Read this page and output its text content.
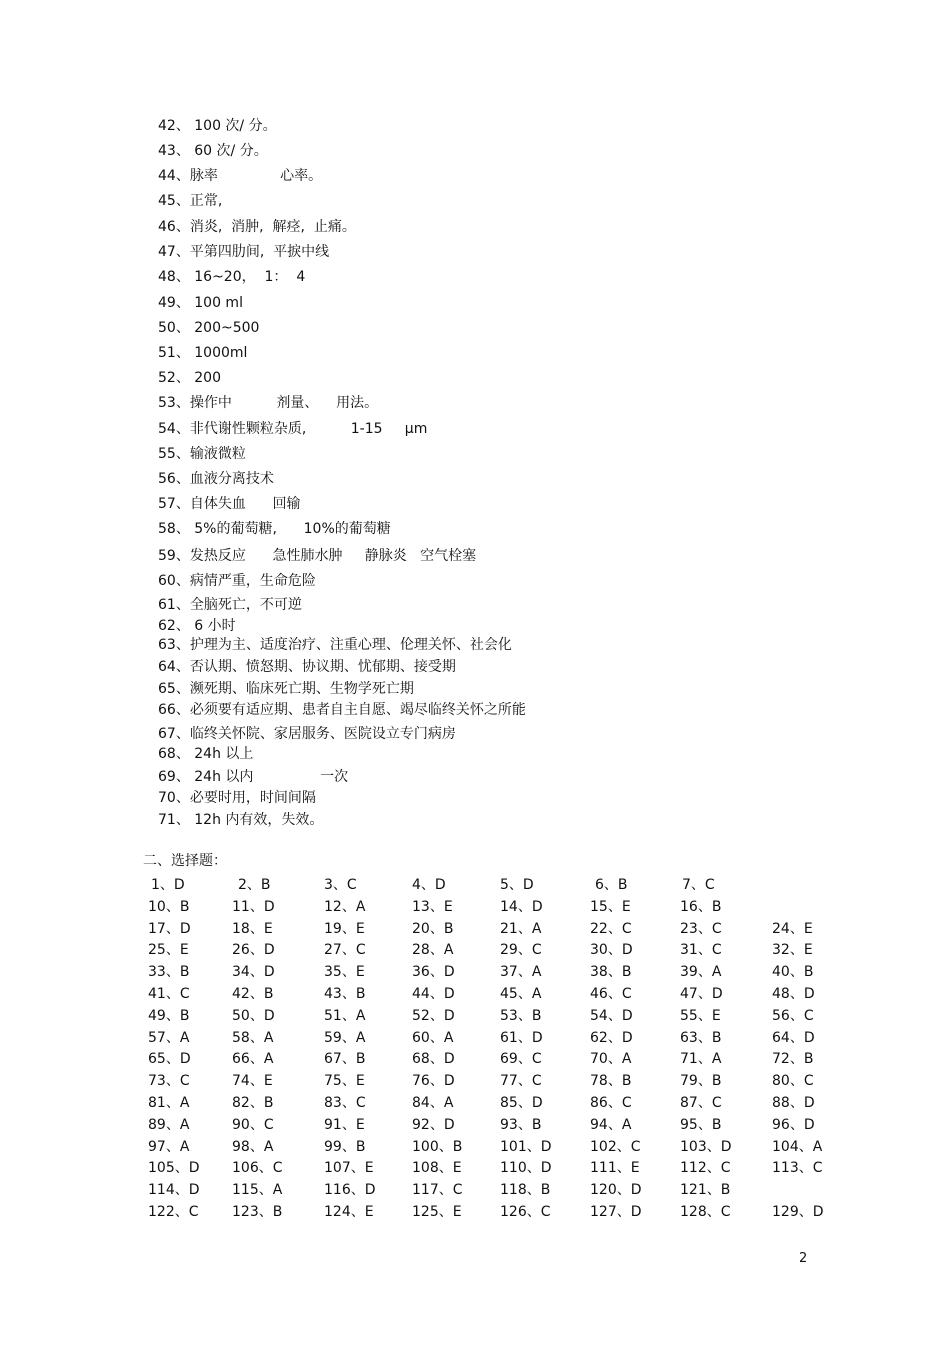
42、 100 次/ 分。
43、 60 次/ 分。
44、脉率              心率。
45、正常,
46、消炎,  消肿,  解痉,  止痛。
47、平第四肋间,  平捩中线
48、 16~20，  1：  4
49、 100 ml
50、 200~500
51、 1000ml
52、 200
53、操作中          剂量、    用法。
54、非代谢性颗粒杂质,          1-15     μm
55、输液微粒
56、血液分离技术
57、自体失血      回输
58、 5%的葡萄糖,      10%的葡萄糖
59、发热反应      急性肺水肿     静脉炎   空气栓塞
60、病情严重，生命危险
61、全脑死亡，不可逆
62、 6 小时
63、护理为主、适度治疗、注重心理、伦理关怀、社会化
64、否认期、愤怒期、协议期、忧郁期、接受期
65、濒死期、临床死亡期、生物学死亡期
66、必须要有适应期、患者自主自愿、竭尽临终关怀之所能
67、临终关怀院、家居服务、医院设立专门病房
68、 24h 以上
69、 24h 以内               一次
70、必要时用，时间间隔
71、 12h 内有效，失效。
二、选择题：
1、D	2、B	3、C	4、D	5、D	6、B	7、C
10、B	11、D	12、A	13、E	14、D	15、E	16、B
17、D	18、E	19、E	20、B	21、A	22、C	23、C	24、E
25、E	26、D	27、C	28、A	29、C	30、D	31、C	32、E
33、B	34、D	35、E	36、D	37、A	38、B	39、A	40、B
41、C	42、B	43、B	44、D	45、A	46、C	47、D	48、D
49、B	50、D	51、A	52、D	53、B	54、D	55、E	56、C
57、A	58、A	59、A	60、A	61、D	62、D	63、B	64、D
65、D	66、A	67、B	68、D	69、C	70、A	71、A	72、B
73、C	74、E	75、E	76、D	77、C	78、B	79、B	80、C
81、A	82、B	83、C	84、A	85、D	86、C	87、C	88、D
89、A	90、C	91、E	92、D	93、B	94、A	95、B	96、D
97、A	98、A	99、B	100、B	101、D	102、C	103、D	104、A
105、D 106、C	107、E	108、E	110、D	111、E	112、C	113、C
114、D 115、A	116、D	117、C	118、B	120、D	121、B
122、C 123、B	124、E	125、E	126、C	127、D	128、C	129、D
2
